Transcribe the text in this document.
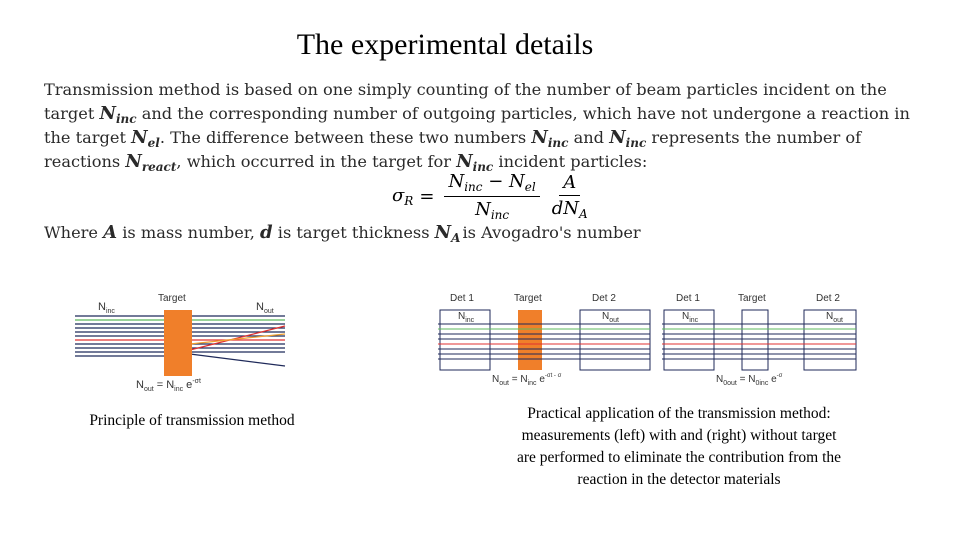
The experimental details
Transmission method is based on one simply counting of the number of beam particles incident on the
target $N_{inc}$ and the corresponding number of outgoing particles, which have not undergone a reaction in
the target $N_{el}$. The difference between these two numbers $N_{inc}$ and $N_{inc}$ represents the number of
reactions $N_{react}$, which occurred in the target for $N_{inc}$ incident particles:
$\sigma_R = \frac{N_{inc} - N_{el}}{N_{inc}} \frac{A}{dN_A}$
Where A is mass number, d is target thickness $N_A$ is Avogadro's number
Target
$N_{inc}$	$N_{out}$
$N_{out} = N_{inc}$ $e^{-\sigma t}$
Det 1	Target	Det 2
$N_{inc}$	$N_{out}$
$N_{out} = N_{inc}$ $e^{-\sigma t - \sigma}$
Det 1	Target	Det 2
$N_{inc}$	$N_{out}$
$N_{0out} = N_{0inc}$ $e^{-\sigma}$
Principle of transmission method	Practical application of the transmission method:
measurements (left) with and (right) without target
are performed to eliminate the contribution from the
reaction in the detector materials
